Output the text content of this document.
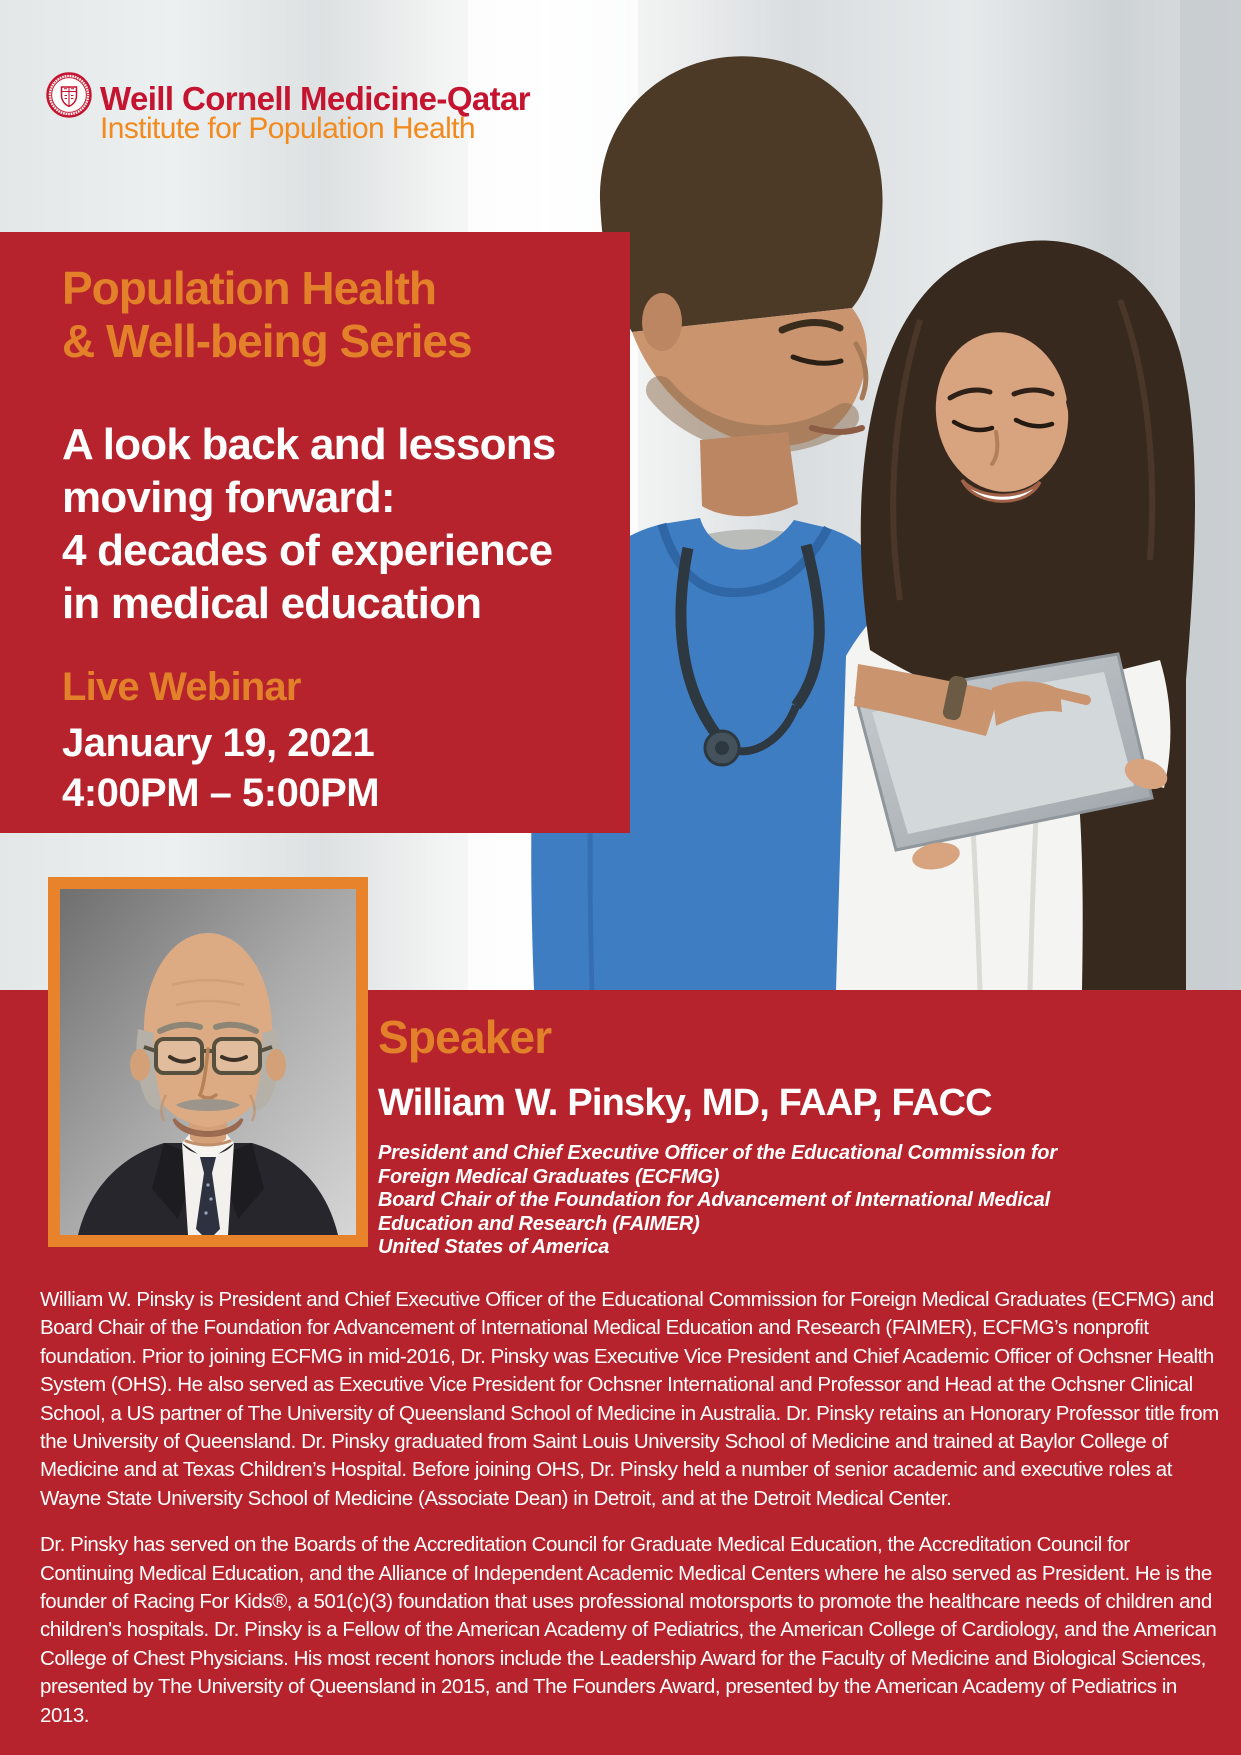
Weill Cornell Medicine-Qatar
Institute for Population Health
Population Health
& Well-being Series
A look back and lessons
moving forward:
4 decades of experience
in medical education
Live Webinar
January 19, 2021
4:00PM – 5:00PM
Speaker
William W. Pinsky, MD, FAAP, FACC
President and Chief Executive Officer of the Educational Commission for
Foreign Medical Graduates (ECFMG)
Board Chair of the Foundation for Advancement of International Medical
Education and Research (FAIMER)
United States of America

William W. Pinsky is President and Chief Executive Officer of the Educational Commission for Foreign Medical Graduates (ECFMG) and Board Chair of the Foundation for Advancement of International Medical Education and Research (FAIMER), ECFMG’s nonprofit foundation. Prior to joining ECFMG in mid-2016, Dr. Pinsky was Executive Vice President and Chief Academic Officer of Ochsner Health System (OHS). He also served as Executive Vice President for Ochsner International and Professor and Head at the Ochsner Clinical School, a US partner of The University of Queensland School of Medicine in Australia. Dr. Pinsky retains an Honorary Professor title from the University of Queensland. Dr. Pinsky graduated from Saint Louis University School of Medicine and trained at Baylor College of Medicine and at Texas Children’s Hospital. Before joining OHS, Dr. Pinsky held a number of senior academic and executive roles at Wayne State University School of Medicine (Associate Dean) in Detroit, and at the Detroit Medical Center.

Dr. Pinsky has served on the Boards of the Accreditation Council for Graduate Medical Education, the Accreditation Council for Continuing Medical Education, and the Alliance of Independent Academic Medical Centers where he also served as President. He is the founder of Racing For Kids®, a 501(c)(3) foundation that uses professional motorsports to promote the healthcare needs of children and children's hospitals. Dr. Pinsky is a Fellow of the American Academy of Pediatrics, the American College of Cardiology, and the American College of Chest Physicians. His most recent honors include the Leadership Award for the Faculty of Medicine and Biological Sciences, presented by The University of Queensland in 2015, and The Founders Award, presented by the American Academy of Pediatrics in 2013.
